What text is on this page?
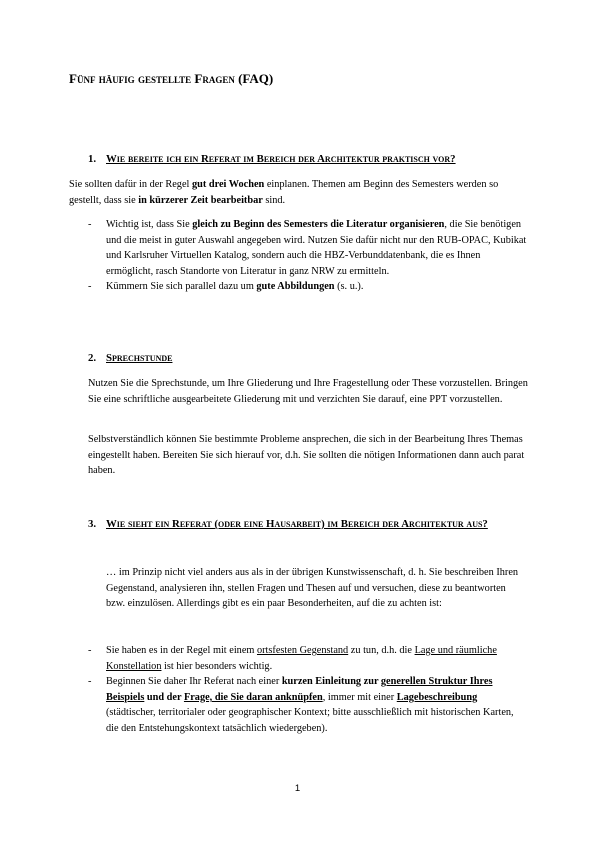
Fünf häufig gestellte Fragen (FAQ)
1. Wie bereite ich ein Referat im Bereich der Architektur praktisch vor?

Sie sollten dafür in der Regel gut drei Wochen einplanen. Themen am Beginn des Semesters werden so gestellt, dass sie in kürzerer Zeit bearbeitbar sind.

- Wichtig ist, dass Sie gleich zu Beginn des Semesters die Literatur organisieren, die Sie benötigen und die meist in guter Auswahl angegeben wird. Nutzen Sie dafür nicht nur den RUB-OPAC, Kubikat und Karlsruher Virtuellen Katalog, sondern auch die HBZ-Verbunddatenbank, die es Ihnen ermöglicht, rasch Standorte von Literatur in ganz NRW zu ermitteln.
- Kümmern Sie sich parallel dazu um gute Abbildungen (s. u.).
2. Sprechstunde

Nutzen Sie die Sprechstunde, um Ihre Gliederung und Ihre Fragestellung oder These vorzustellen. Bringen Sie eine schriftliche ausgearbeitete Gliederung mit und verzichten Sie darauf, eine PPT vorzustellen.

Selbstverständlich können Sie bestimmte Probleme ansprechen, die sich in der Bearbeitung Ihres Themas eingestellt haben. Bereiten Sie sich hierauf vor, d.h. Sie sollten die nötigen Informationen dann auch parat haben.

3. Wie sieht ein Referat (oder eine Hausarbeit) im Bereich der Architektur aus?

… im Prinzip nicht viel anders aus als in der übrigen Kunstwissenschaft, d. h. Sie beschreiben Ihren Gegenstand, analysieren ihn, stellen Fragen und Thesen auf und versuchen, diese zu beantworten bzw. einzulösen. Allerdings gibt es ein paar Besonderheiten, auf die zu achten ist:

- Sie haben es in der Regel mit einem ortsfesten Gegenstand zu tun, d.h. die Lage und räumliche Konstellation ist hier besonders wichtig.
- Beginnen Sie daher Ihr Referat nach einer kurzen Einleitung zur generellen Struktur Ihres Beispiels und der Frage, die Sie daran anknüpfen, immer mit einer Lagebeschreibung (städtischer, territorialer oder geographischer Kontext; bitte ausschließlich mit historischen Karten, die den Entstehungskontext tatsächlich wiedergeben).
1
